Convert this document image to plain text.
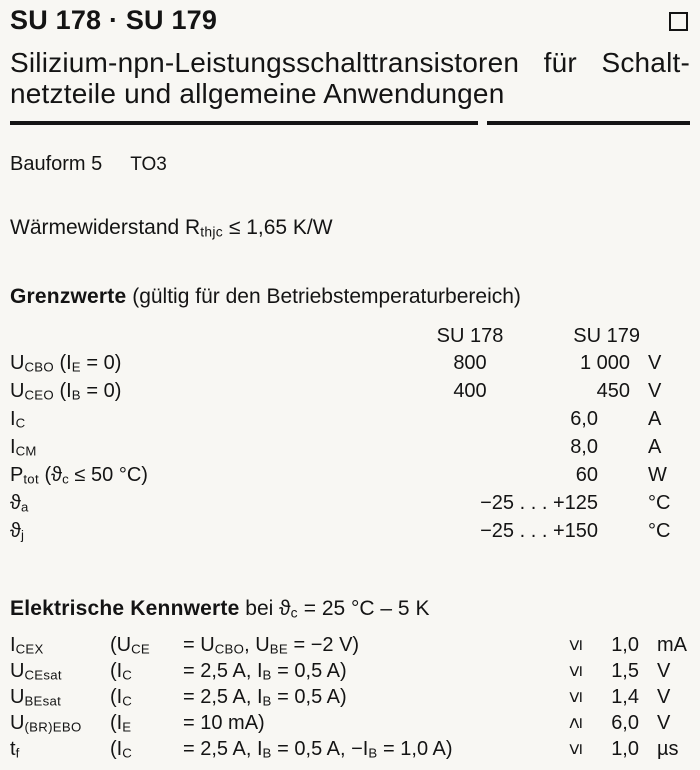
SU 178 · SU 179
Silizium-npn-Leistungsschalttransistoren für Schalt-
netzteile und allgemeine Anwendungen
Bauform 5 TO3
Wärmewiderstand Rthjc ≤ 1,65 K/W
Grenzwerte (gültig für den Betriebstemperaturbereich)
	SU 178	SU 179	
UCBO (IE = 0)	800	1 000	V
UCEO (IB = 0)	400	450	V
IC	6,0		A
ICM	8,0		A
Ptot (ϑc ≤ 50 °C)	60		W
ϑa	−25 . . . +125		°C
ϑj	−25 . . . +150		°C
Elektrische Kennwerte bei ϑc = 25 °C – 5 K
ICEX	(UCE	= UCBO, UBE = −2 V)	≤	1,0	mA
UCEsat	(IC	= 2,5 A, IB = 0,5 A)	≤	1,5	V
UBEsat	(IC	= 2,5 A, IB = 0,5 A)	≤	1,4	V
U(BR)EBO	(IE	= 10 mA)	≥	6,0	V
tf	(IC	= 2,5 A, IB = 0,5 A, −IB = 1,0 A)	≤	1,0	µs
